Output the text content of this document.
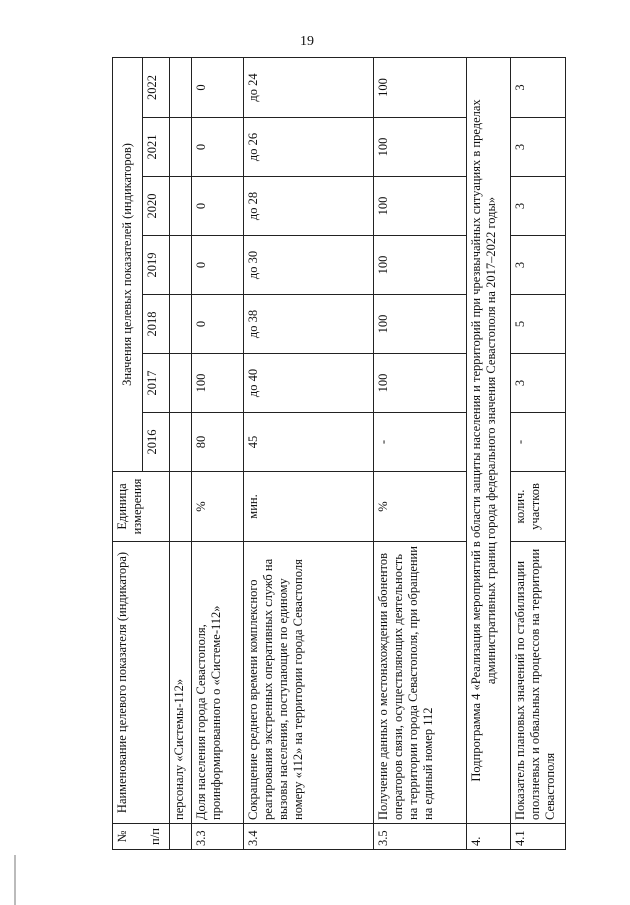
19
№ п/п	Наименование целевого показателя (индикатора)	Единица измерения	Значения целевых показателей (индикаторов)						
			2016	2017	2018	2019	2020	2021	2022
	персоналу «Системы-112»								
3.3	Доля населения города Севастополя, проинформированного о «Системе-112»	%	80	100	0	0	0	0	0
3.4	Сокращение среднего времени комплексного реагирования экстренных оперативных служб на вызовы населения, поступающие по единому номеру «112» на территории города Севастополя	мин.	45	до 40	до 38	до 30	до 28	до 26	до 24
3.5	Получение данных о местонахождении абонентов операторов связи, осуществляющих деятельность на территории города Севастополя, при обращении на единый номер 112	%	-	100	100	100	100	100	100
4.	Подпрограмма 4 «Реализация мероприятий в области защиты населения и территорий при чрезвычайных ситуациях в пределах административных границ города федерального значения Севастополя на 2017–2022 годы»								
4.1	Показатель плановых значений по стабилизации оползневых и обвальных процессов на территории Севастополя	колич. участков	-	3	5	3	3	3	3
